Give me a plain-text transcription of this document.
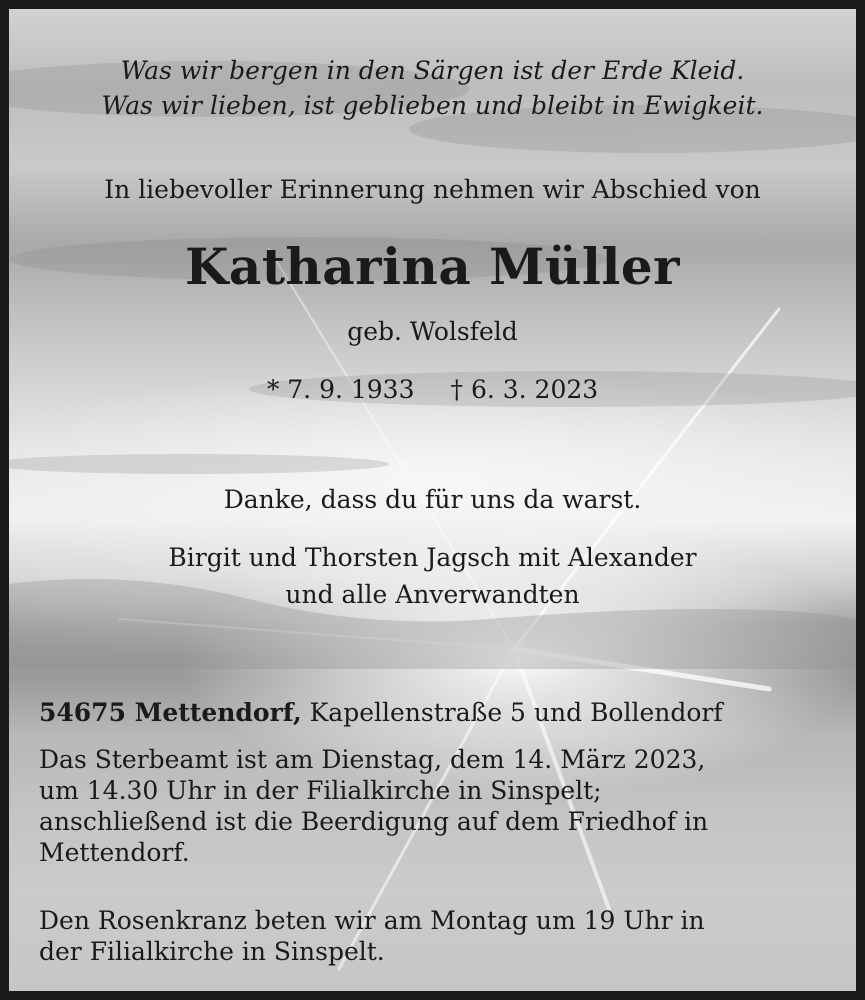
Was wir bergen in den Särgen ist der Erde Kleid.
Was wir lieben, ist geblieben und bleibt in Ewigkeit.

In liebevoller Erinnerung nehmen wir Abschied von

Katharina Müller

geb. Wolsfeld

* 7. 9. 1933 † 6. 3. 2023

Danke, dass du für uns da warst.

Birgit und Thorsten Jagsch mit Alexander
und alle Anverwandten

54675 Mettendorf, Kapellenstraße 5 und Bollendorf

Das Sterbeamt ist am Dienstag, dem 14. März 2023,
um 14.30 Uhr in der Filialkirche in Sinspelt;
anschließend ist die Beerdigung auf dem Friedhof in
Mettendorf.

Den Rosenkranz beten wir am Montag um 19 Uhr in
der Filialkirche in Sinspelt.
